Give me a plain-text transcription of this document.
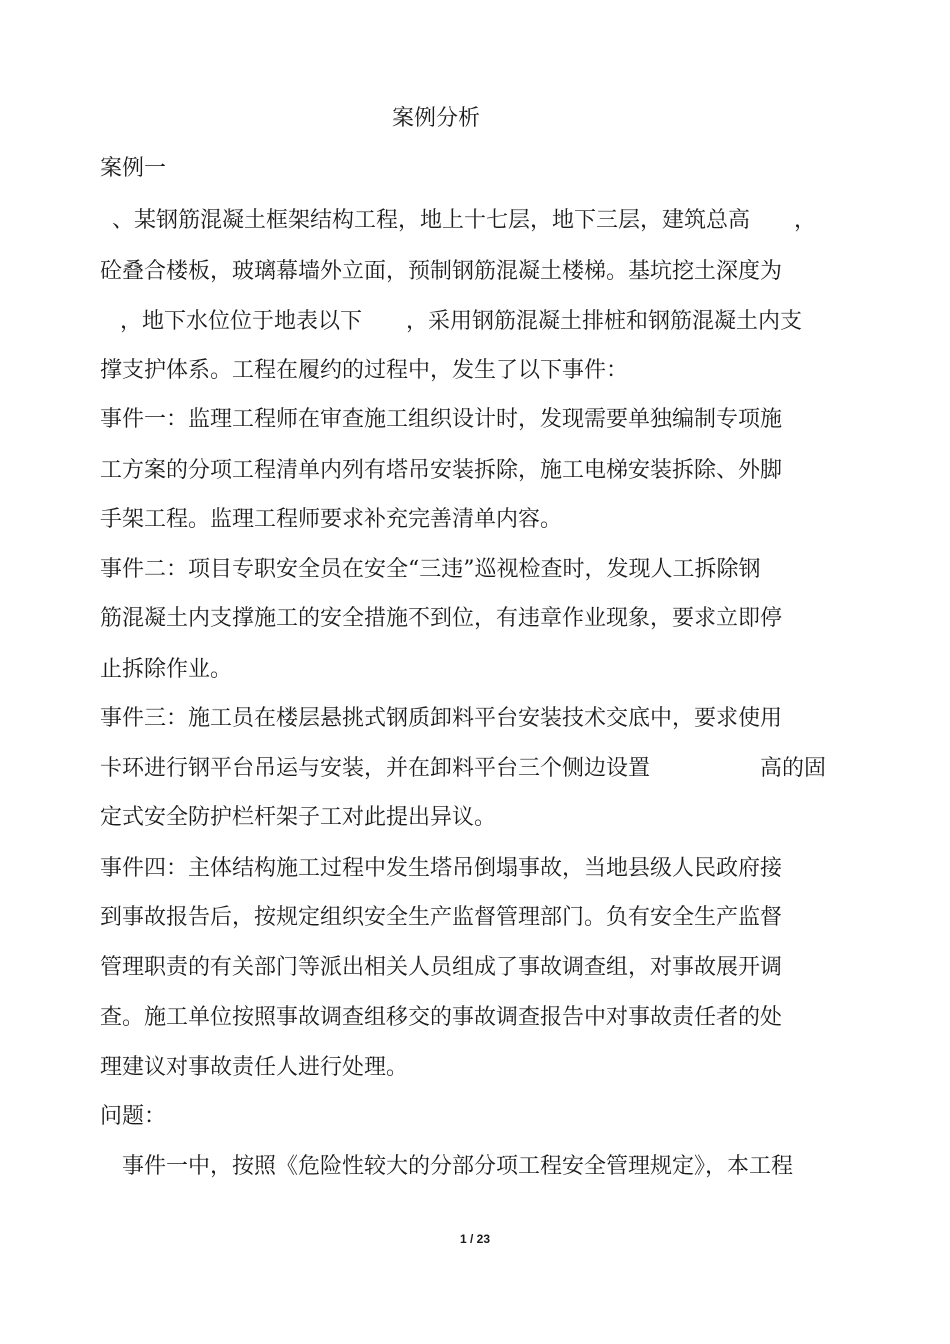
案例分析
案例一
、某钢筋混凝土框架结构工程，地上十七层，地下三层，建筑总高　　，
砼叠合楼板，玻璃幕墙外立面，预制钢筋混凝土楼梯。基坑挖土深度为
，地下水位位于地表以下　　，采用钢筋混凝土排桩和钢筋混凝土内支
撑支护体系。工程在履约的过程中，发生了以下事件：
事件一：监理工程师在审查施工组织设计时，发现需要单独编制专项施
工方案的分项工程清单内列有塔吊安装拆除，施工电梯安装拆除、外脚
手架工程。监理工程师要求补充完善清单内容。
事件二：项目专职安全员在安全“三违”巡视检查时，发现人工拆除钢
筋混凝土内支撑施工的安全措施不到位，有违章作业现象，要求立即停
止拆除作业。
事件三：施工员在楼层悬挑式钢质卸料平台安装技术交底中，要求使用
卡环进行钢平台吊运与安装，并在卸料平台三个侧边设置　　　　　高的固
定式安全防护栏杆架子工对此提出异议。
事件四：主体结构施工过程中发生塔吊倒塌事故，当地县级人民政府接
到事故报告后，按规定组织安全生产监督管理部门。负有安全生产监督
管理职责的有关部门等派出相关人员组成了事故调查组，对事故展开调
查。施工单位按照事故调查组移交的事故调查报告中对事故责任者的处
理建议对事故责任人进行处理。
问题：
事件一中，按照《危险性较大的分部分项工程安全管理规定》，本工程
1 / 23
